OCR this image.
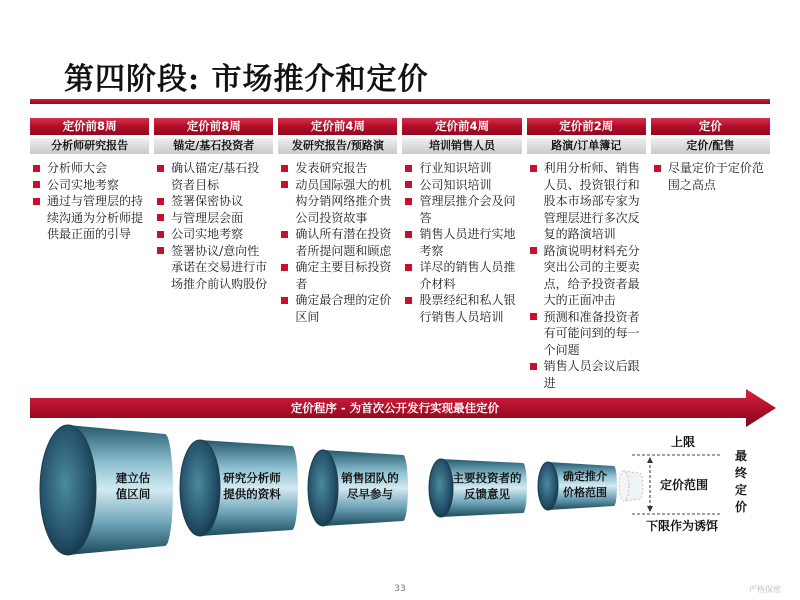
定价程序 - 为首次公开发行实现最佳定价
建立估
值区间
研究分析师
提供的资料
销售团队的
尽早参与
主要投资者的
反馈意见
确定推介
价格范围
上限
定价范围
下限作为诱饵
第四阶段: 市场推介和定价
定价前8周
分析师研究报告
分析师大会
公司实地考察
通过与管理层的持续沟通为分析师提供最正面的引导
定价前8周
锚定/基石投资者
确认锚定/基石投资者目标
签署保密协议
与管理层会面
公司实地考察
签署协议/意向性承诺在交易进行市场推介前认购股份
定价前4周
发研究报告/预路演
发表研究报告
动员国际强大的机构分销网络推介贵公司投资故事
确认所有潜在投资者所提问题和顾虑
确定主要目标投资者
确定最合理的定价区间
定价前4周
培训销售人员
行业知识培训
公司知识培训
管理层推介会及问答
销售人员进行实地考察
详尽的销售人员推介材料
股票经纪和私人银行销售人员培训
定价前2周
路演/订单簿记
利用分析师、销售人员、投资银行和股本市场部专家为管理层进行多次反复的路演培训
路演说明材料充分突出公司的主要卖点，给予投资者最大的正面冲击
预测和准备投资者有可能问到的每一个问题
销售人员会议后跟进
定价
定价/配售
尽量定价于定价范围之高点
最终定价
33	严格保密
